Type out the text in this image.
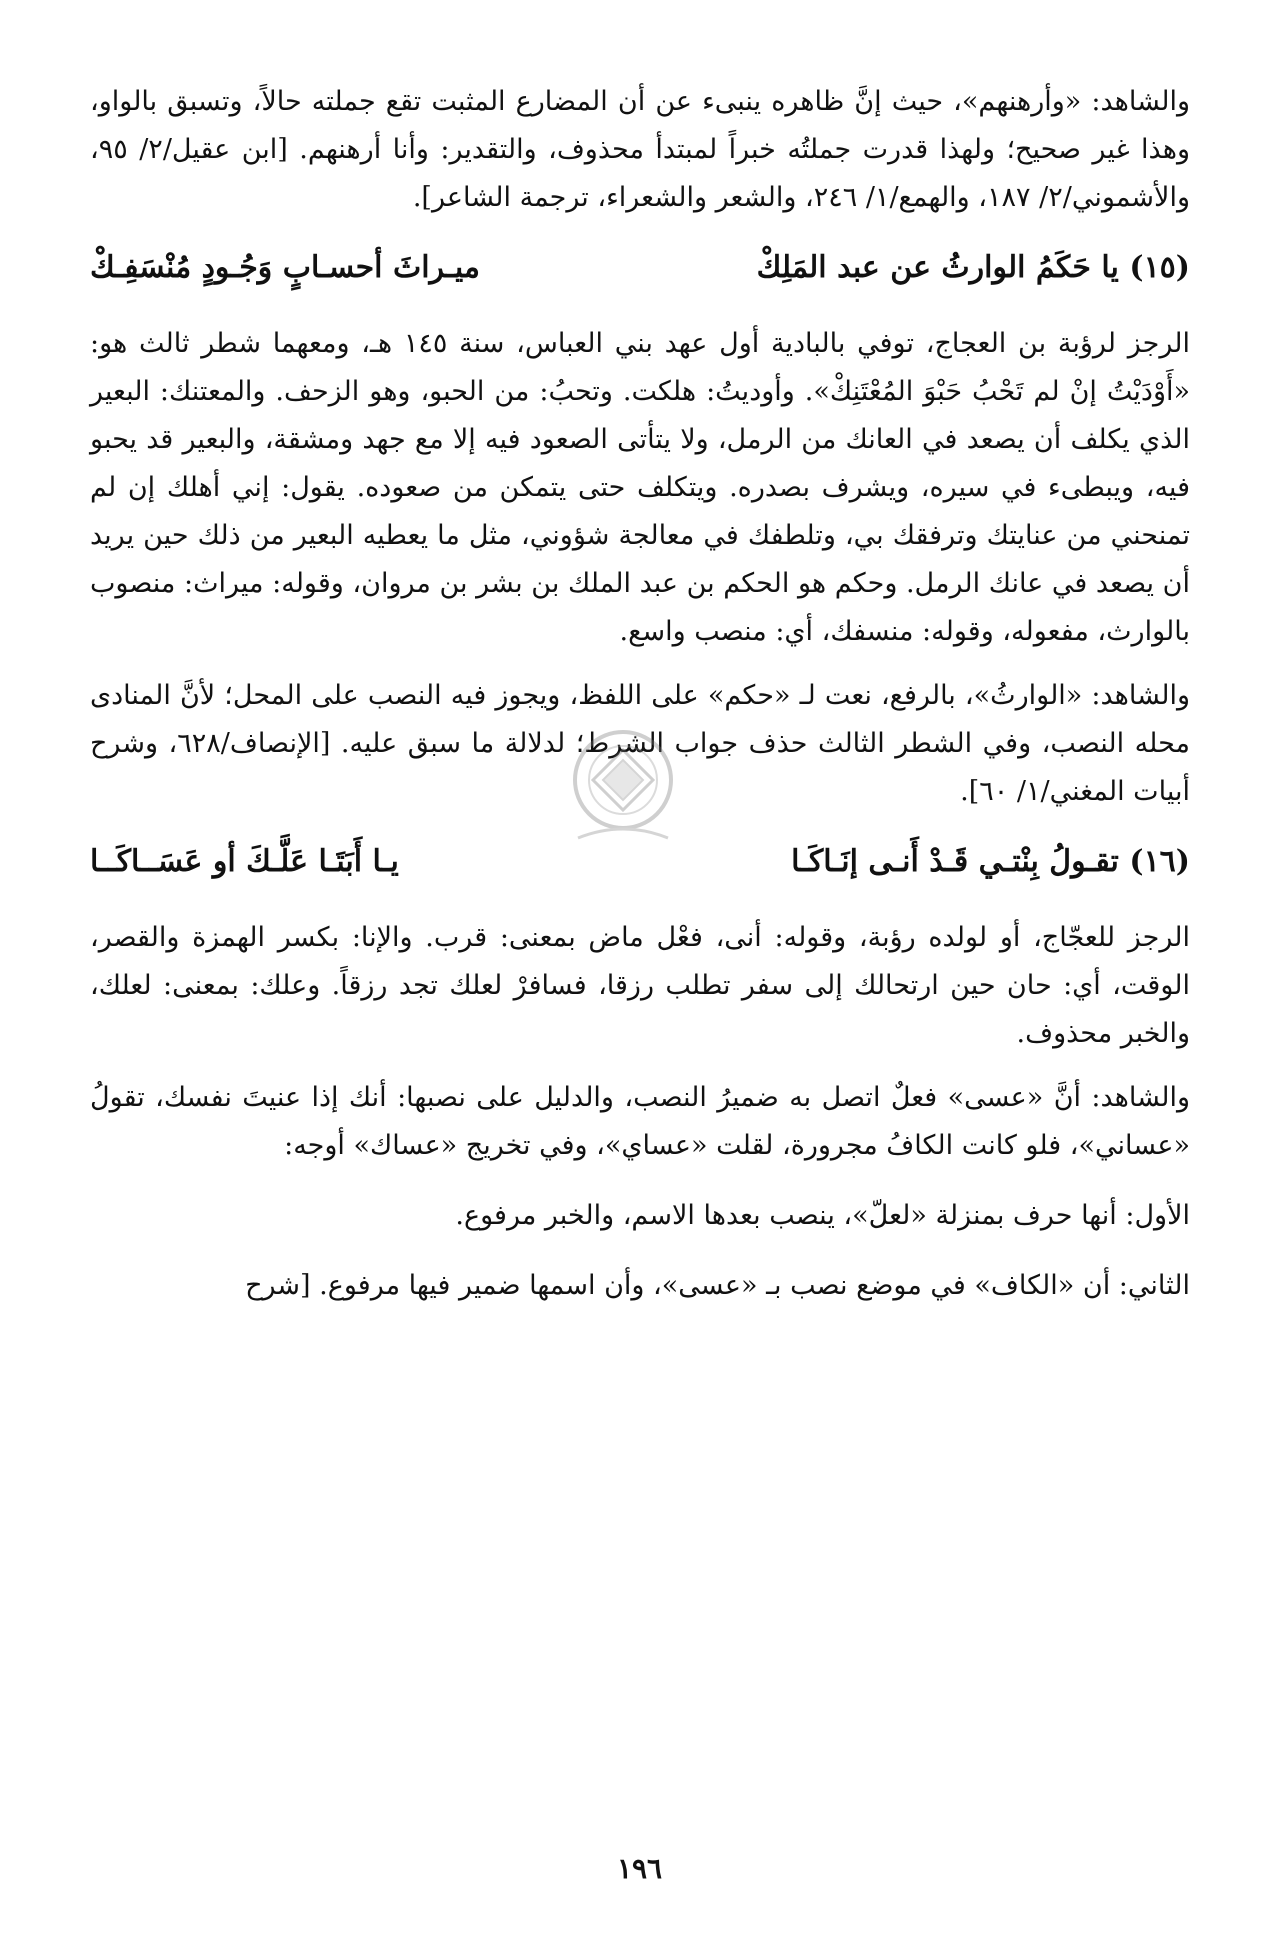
والشاهد: «وأرهنهم»، حيث إنَّ ظاهره ينبىء عن أن المضارع المثبت تقع جملته حالاً، وتسبق بالواو، وهذا غير صحيح؛ ولهذا قدرت جملتُه خبراً لمبتدأ محذوف، والتقدير: وأنا أرهنهم. [ابن عقيل/٢/ ٩٥، والأشموني/٢/ ١٨٧، والهمع/١/ ٢٤٦، والشعر والشعراء، ترجمة الشاعر].

(١٥) يا حَكَمُ الوارثُ عن عبد المَلِكْ
ميـراثَ أحسـابٍ وَجُـودٍ مُنْسَفِـكْ

الرجز لرؤبة بن العجاج، توفي بالبادية أول عهد بني العباس، سنة ١٤٥ هـ، ومعهما شطر ثالث هو: «أَوْدَيْتُ إنْ لم تَحْبُ حَبْوَ المُعْتَنِكْ». وأوديتُ: هلكت. وتحبُ: من الحبو، وهو الزحف. والمعتنك: البعير الذي يكلف أن يصعد في العانك من الرمل، ولا يتأتى الصعود فيه إلا مع جهد ومشقة، والبعير قد يحبو فيه، ويبطىء في سيره، ويشرف بصدره. ويتكلف حتى يتمكن من صعوده. يقول: إني أهلك إن لم تمنحني من عنايتك وترفقك بي، وتلطفك في معالجة شؤوني، مثل ما يعطيه البعير من ذلك حين يريد أن يصعد في عانك الرمل. وحكم هو الحكم بن عبد الملك بن بشر بن مروان، وقوله: ميراث: منصوب بالوارث، مفعوله، وقوله: منسفك، أي: منصب واسع.

والشاهد: «الوارثُ»، بالرفع، نعت لـ «حكم» على اللفظ، ويجوز فيه النصب على المحل؛ لأنَّ المنادى محله النصب، وفي الشطر الثالث حذف جواب الشرط؛ لدلالة ما سبق عليه. [الإنصاف/٦٢٨، وشرح أبيات المغني/١/ ٦٠].

(١٦) تقـولُ بِنْتـي قَـدْ أَنـى إنَـاكَـا
يـا أَبَتَـا عَلَّـكَ أو عَسَــاكَــا

الرجز للعجّاج، أو لولده رؤبة، وقوله: أنى، فعْل ماض بمعنى: قرب. والإنا: بكسر الهمزة والقصر، الوقت، أي: حان حين ارتحالك إلى سفر تطلب رزقا، فسافرْ لعلك تجد رزقاً. وعلك: بمعنى: لعلك، والخبر محذوف.

والشاهد: أنَّ «عسى» فعلٌ اتصل به ضميرُ النصب، والدليل على نصبها: أنك إذا عنيتَ نفسك، تقولُ «عساني»، فلو كانت الكافُ مجرورة، لقلت «عساي»، وفي تخريج «عساك» أوجه:

الأول: أنها حرف بمنزلة «لعلّ»، ينصب بعدها الاسم، والخبر مرفوع.

الثاني: أن «الكاف» في موضع نصب بـ «عسى»، وأن اسمها ضمير فيها مرفوع. [شرح

١٩٦
